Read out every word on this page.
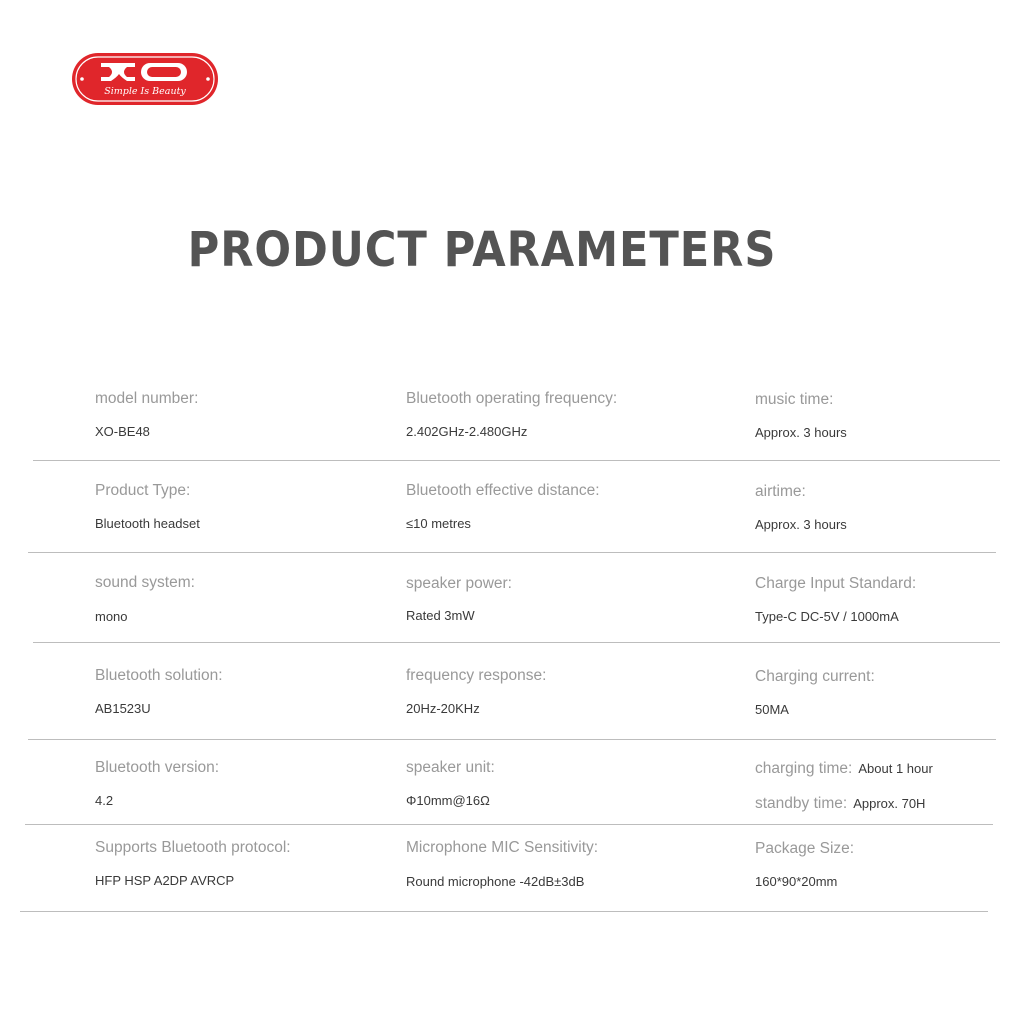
Simple Is Beauty
PRODUCT PARAMETERS
model number:
XO-BE48
Bluetooth operating frequency:
2.402GHz-2.480GHz
music time:
Approx. 3 hours
Product Type:
Bluetooth headset
Bluetooth effective distance:
≤10 metres
airtime:
Approx. 3 hours
sound system:
mono
speaker power:
Rated 3mW
Charge Input Standard:
Type-C DC-5V / 1000mA
Bluetooth solution:
AB1523U
frequency response:
20Hz-20KHz
Charging current:
50MA
Bluetooth version:
4.2
speaker unit:
Φ10mm@16Ω
charging time: About 1 hour
standby time: Approx. 70H
Supports Bluetooth protocol:
HFP HSP A2DP AVRCP
Microphone MIC Sensitivity:
Round microphone -42dB±3dB
Package Size:
160*90*20mm
